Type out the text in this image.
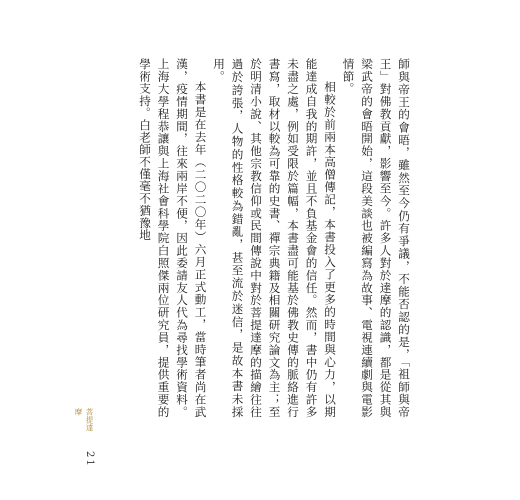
師與帝王的會晤，雖然至今仍有爭議，不能否認的是，「祖師與帝王」對佛教貢獻，影響至今。許多人對於達摩的認識，都是從其與梁武帝的會晤開始，這段美談也被編寫為故事、電視連續劇與電影情節。

相較於前兩本高僧傳記，本書投入了更多的時間與心力，以期能達成自我的期許，並且不負基金會的信任。然而，書中仍有許多未盡之處，例如受限於篇幅，本書盡可能基於佛教史傳的脈絡進行書寫，取材以較為可靠的史書、禪宗典籍及相關研究論文為主；至於明清小說、其他宗教信仰或民間傳說中對於菩提達摩的描繪往往過於誇張，人物的性格較為錯亂，甚至流於迷信，是故本書未採用。

本書是在去年（二〇二〇年）六月正式動工，當時筆者尚在武漢，疫情期間，往來兩岸不便，因此委請友人代為尋找學術資料。上海大學程恭讓與上海社會科學院白照傑兩位研究員，提供重要的學術支持。白老師不僅毫不猶豫地

菩提達摩
21
